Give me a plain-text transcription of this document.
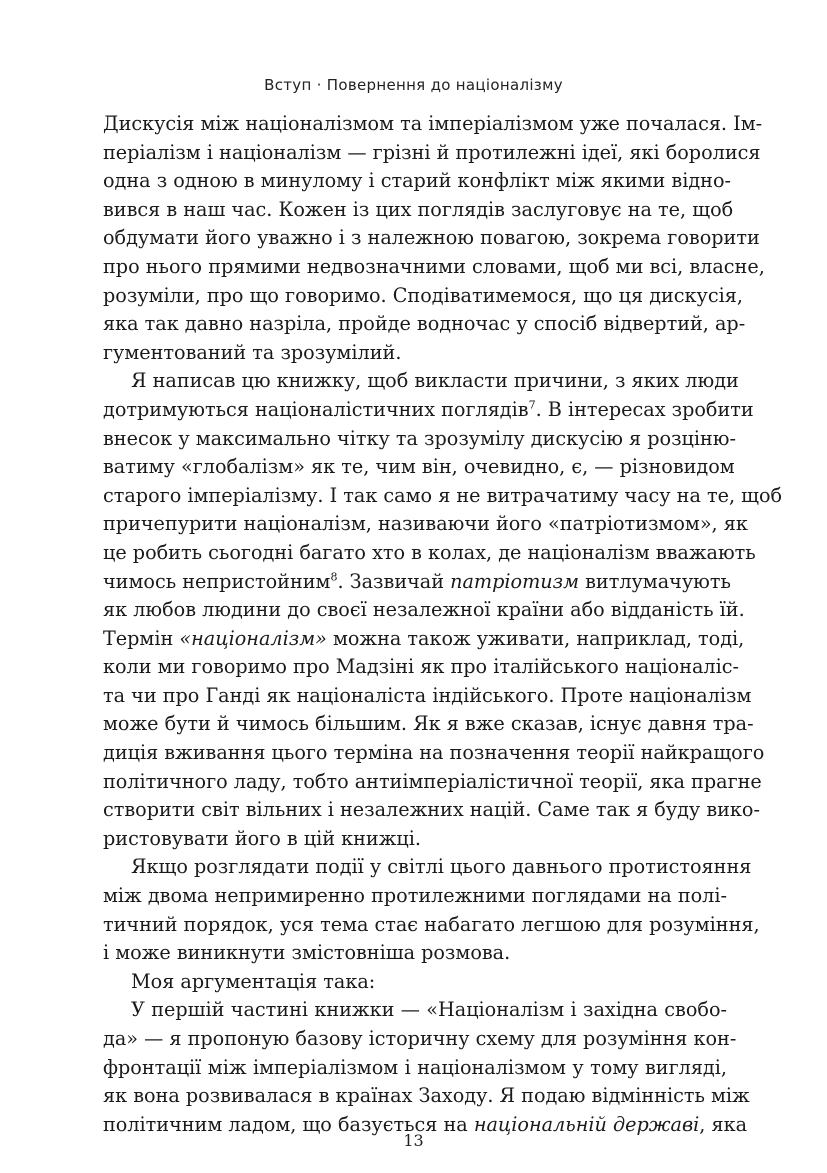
Вступ · Повернення до націоналізму
Дискусія між націоналізмом та імперіалізмом уже почалася. Ім-
періалізм і націоналізм — грізні й протилежні ідеї, які боролися
одна з одною в минулому і старий конфлікт між якими відно-
вився в наш час. Кожен із цих поглядів заслуговує на те, щоб
обдумати його уважно і з належною повагою, зокрема говорити
про нього прямими недвозначними словами, щоб ми всі, власне,
розуміли, про що говоримо. Сподіватимемося, що ця дискусія,
яка так давно назріла, пройде водночас у спосіб відвертий, ар-
гументований та зрозумілий.
Я написав цю книжку, щоб викласти причини, з яких люди
дотримуються націоналістичних поглядів$^7$. В інтересах зробити
внесок у максимально чітку та зрозумілу дискусію я розціню-
ватиму «глобалізм» як те, чим він, очевидно, є, — різновидом
старого імперіалізму. І так само я не витрачатиму часу на те, щоб
причепурити націоналізм, називаючи його «патріотизмом», як
це робить сьогодні багато хто в колах, де націоналізм вважають
чимось непристойним$^8$. Зазвичай патріотизм витлумачують
як любов людини до своєї незалежної країни або відданість їй.
Термін «націоналізм» можна також уживати, наприклад, тоді,
коли ми говоримо про Мадзіні як про італійського націоналіс-
та чи про Ганді як націоналіста індійського. Проте націоналізм
може бути й чимось більшим. Як я вже сказав, існує давня тра-
диція вживання цього терміна на позначення теорії найкращого
політичного ладу, тобто антиімперіалістичної теорії, яка прагне
створити світ вільних і незалежних націй. Саме так я буду вико-
ристовувати його в цій книжці.
Якщо розглядати події у світлі цього давнього протистояння
між двома непримиренно протилежними поглядами на полі-
тичний порядок, уся тема стає набагато легшою для розуміння,
і може виникнути змістовніша розмова.
Моя аргументація така:
У першій частині книжки — «Націоналізм і західна свобо-
да» — я пропоную базову історичну схему для розуміння кон-
фронтації між імперіалізмом і націоналізмом у тому вигляді,
як вона розвивалася в країнах Заходу. Я подаю відмінність між
політичним ладом, що базується на національній державі, яка
13
